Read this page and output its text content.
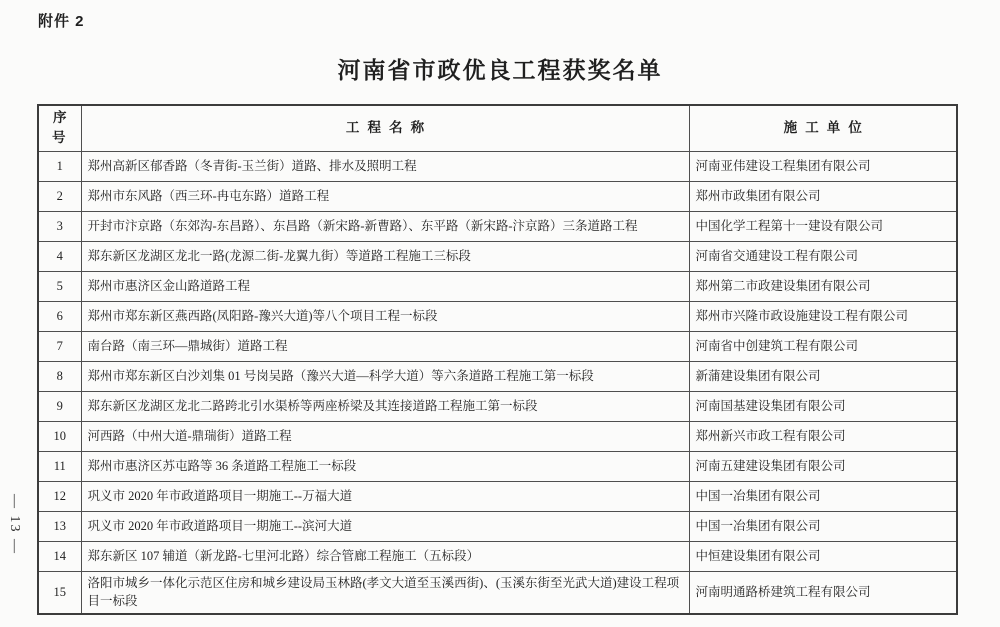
附件 2
河南省市政优良工程获奖名单
— 13 —
序号	工程名称	施工单位
1	郑州高新区郁香路（冬青街-玉兰街）道路、排水及照明工程	河南亚伟建设工程集团有限公司
2	郑州市东风路（西三环-冉屯东路）道路工程	郑州市政集团有限公司
3	开封市汴京路（东郊沟-东昌路）、东昌路（新宋路-新曹路）、东平路（新宋路-汴京路）三条道路工程	中国化学工程第十一建设有限公司
4	郑东新区龙湖区龙北一路(龙源二街-龙翼九街）等道路工程施工三标段	河南省交通建设工程有限公司
5	郑州市惠济区金山路道路工程	郑州第二市政建设集团有限公司
6	郑州市郑东新区燕西路(凤阳路-豫兴大道)等八个项目工程一标段	郑州市兴隆市政设施建设工程有限公司
7	南台路（南三环—鼎城街）道路工程	河南省中创建筑工程有限公司
8	郑州市郑东新区白沙刘集 01 号岗吴路（豫兴大道—科学大道）等六条道路工程施工第一标段	新蒲建设集团有限公司
9	郑东新区龙湖区龙北二路跨北引水渠桥等两座桥梁及其连接道路工程施工第一标段	河南国基建设集团有限公司
10	河西路（中州大道-鼎瑞街）道路工程	郑州新兴市政工程有限公司
11	郑州市惠济区苏屯路等 36 条道路工程施工一标段	河南五建建设集团有限公司
12	巩义市 2020 年市政道路项目一期施工--万福大道	中国一冶集团有限公司
13	巩义市 2020 年市政道路项目一期施工--滨河大道	中国一冶集团有限公司
14	郑东新区 107 辅道（新龙路-七里河北路）综合管廊工程施工（五标段）	中恒建设集团有限公司
15	洛阳市城乡一体化示范区住房和城乡建设局玉林路(孝文大道至玉溪西街)、(玉溪东街至光武大道)建设工程项目一标段	河南明通路桥建筑工程有限公司
